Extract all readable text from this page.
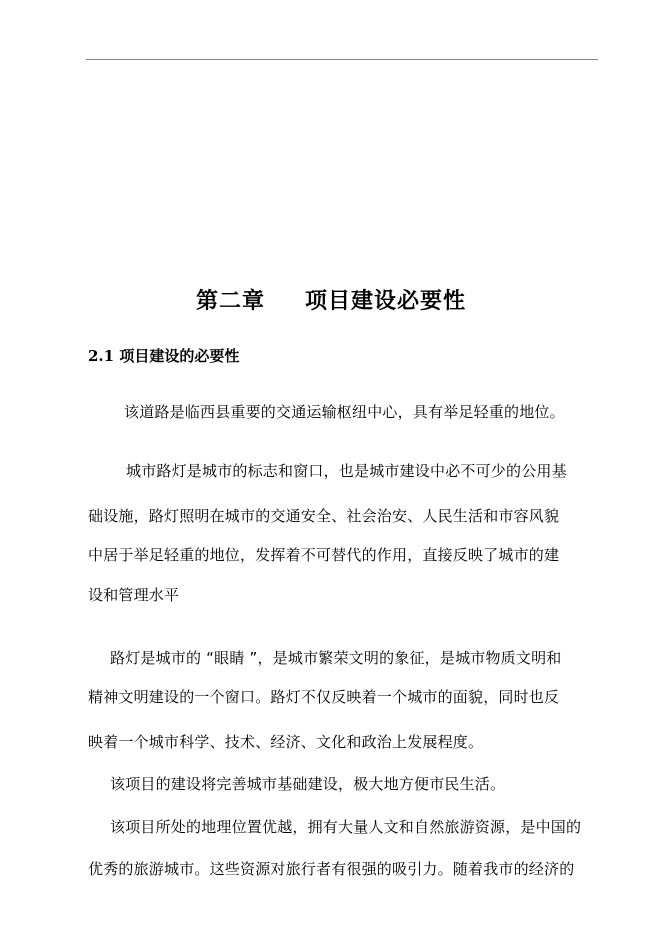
第二章 项目建设必要性
2.1 项目建设的必要性
该道路是临西县重要的交通运输枢纽中心，具有举足轻重的地位。
城市路灯是城市的标志和窗口，也是城市建设中必不可少的公用基
础设施，路灯照明在城市的交通安全、社会治安、人民生活和市容风貌
中居于举足轻重的地位，发挥着不可替代的作用，直接反映了城市的建
设和管理水平
路灯是城市的 “眼睛 ”，是城市繁荣文明的象征，是城市物质文明和
精神文明建设的一个窗口。路灯不仅反映着一个城市的面貌，同时也反
映着一个城市科学、技术、经济、文化和政治上发展程度。
该项目的建设将完善城市基础建设，极大地方便市民生活。
该项目所处的地理位置优越，拥有大量人文和自然旅游资源，是中国的
优秀的旅游城市。这些资源对旅行者有很强的吸引力。随着我市的经济的
